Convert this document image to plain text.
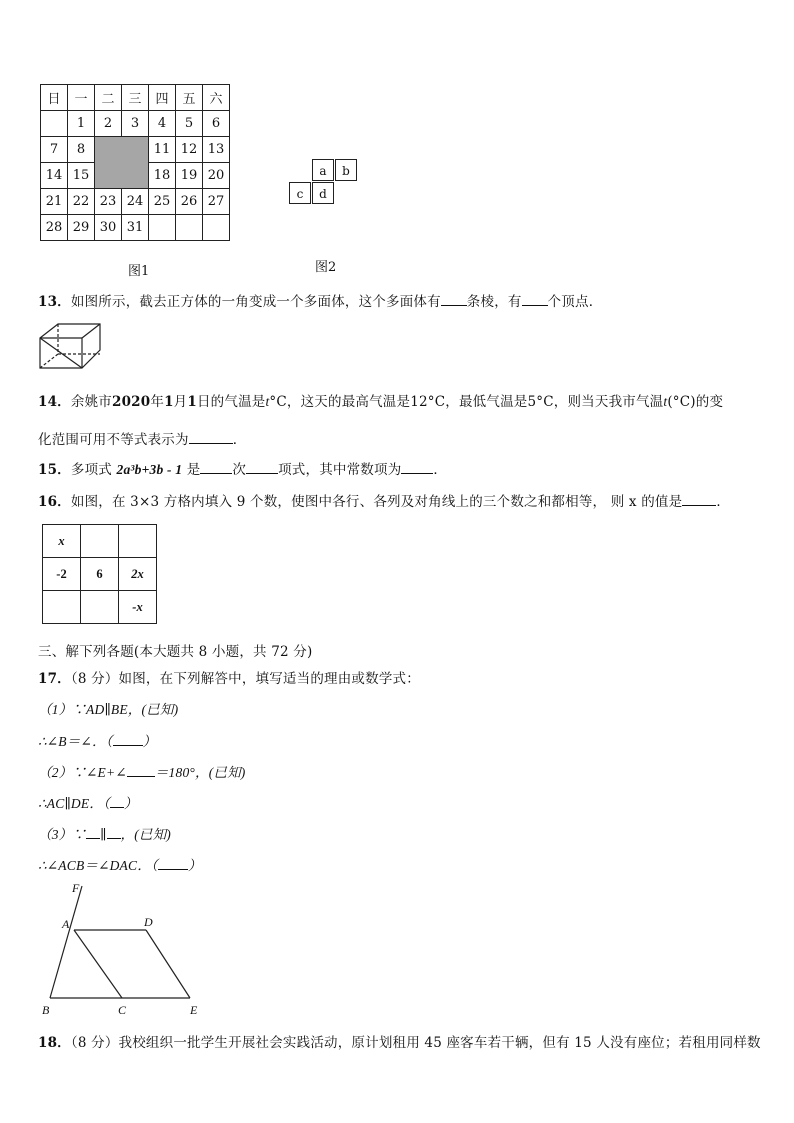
日	一	二	三	四	五	六
	1	2	3	4	5	6
7	8			11	12	13
14	15			18	19	20
21	22	23	24	25	26	27
28	29	30	31			
图1
a	b
c	d
图2
13．如图所示，截去正方体的一角变成一个多面体，这个多面体有 条棱，有 个顶点．
14．余姚市2020年1月1日的气温是t°C，这天的最高气温是12°C，最低气温是5°C，则当天我市气温t(°C)的变
化范围可用不等式表示为	．
15．多项式 2a³b+3b - 1 是 次 项式，其中常数项为 ．
16．如图，在 3×3 方格内填入 9 个数，使图中各行、各列及对角线上的三个数之和都相等， 则 x 的值是	．
x		
-2	6	2x
		-x
三、解下列各题(本大题共 8 小题，共 72 分)
17．（8 分）如图，在下列解答中，填写适当的理由或数学式：
（1）∵AD∥BE，(已知)
∴∠B＝∠．（ ）
（2）∵∠E+∠ ＝180°，(已知)
∴AC∥DE．（ ）
（3）∵ ∥ ，(已知)
∴∠ACB＝∠DAC．（ ）
F
A	D
B	C	E
18．（8 分）我校组织一批学生开展社会实践活动，原计划租用 45 座客车若干辆，但有 15 人没有座位；若租用同样数
